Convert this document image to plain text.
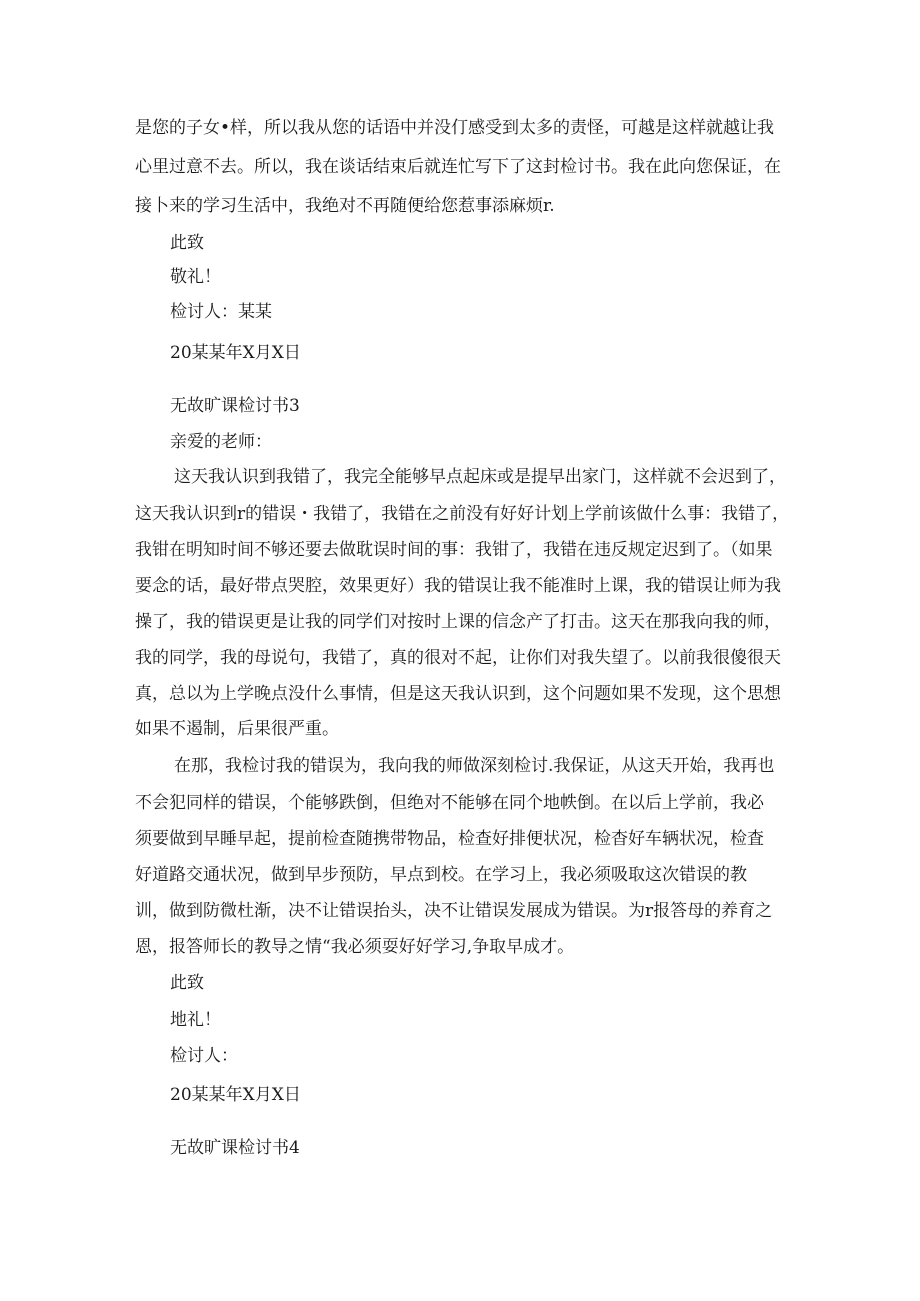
是您的子女•样，所以我从您的话语中并没仃感受到太多的责怪，可越是这样就越让我

心里过意不去。所以，我在谈话结束后就连忙写下了这封检讨书。我在此向您保证，在

接卜来的学习生活中，我绝对不再随便给您惹事添麻烦r.

此致

敬礼！

检讨人：某某

20某某年X月X日

无故旷课检讨书3

亲爱的老师：

这天我认识到我错了，我完全能够早点起床或是提早出家门，这样就不会迟到了，

这天我认识到r的错误・我错了，我错在之前没有好好计划上学前该做什么事：我错了，

我钳在明知时间不够还要去做耽误时间的事：我钳了，我错在违反规定迟到了。（如果

要念的话，最好带点哭腔，效果更好）我的错误让我不能准时上课，我的错误让师为我

操了，我的错误更是让我的同学们对按时上课的信念产了打击。这天在那我向我的师，

我的同学，我的母说句，我错了，真的很对不起，让你们对我失望了。以前我很傻很天

真，总以为上学晚点没什么事情，但是这天我认识到，这个问题如果不发现，这个思想

如果不遏制，后果很严重。

在那，我检讨我的错误为，我向我的师做深刻检讨.我保证，从这天开始，我再也

不会犯同样的错误，个能够跌倒，但绝对不能够在同个地帙倒。在以后上学前，我必

须要做到早睡早起，提前检查随携带物品，检查好排便状况，检杳好车辆状况，检査

好道路交通状况，做到早步预防，早点到校。在学习上，我必须吸取这次错误的教

训，做到防微杜渐，决不让错误抬头，决不让错误发展成为错误。为r报答母的养育之

恩，报答师长的教导之情“我必须耍好好学习,争取早成才。

此致

地礼！

检讨人：

20某某年X月X日

无故旷课检讨书4
